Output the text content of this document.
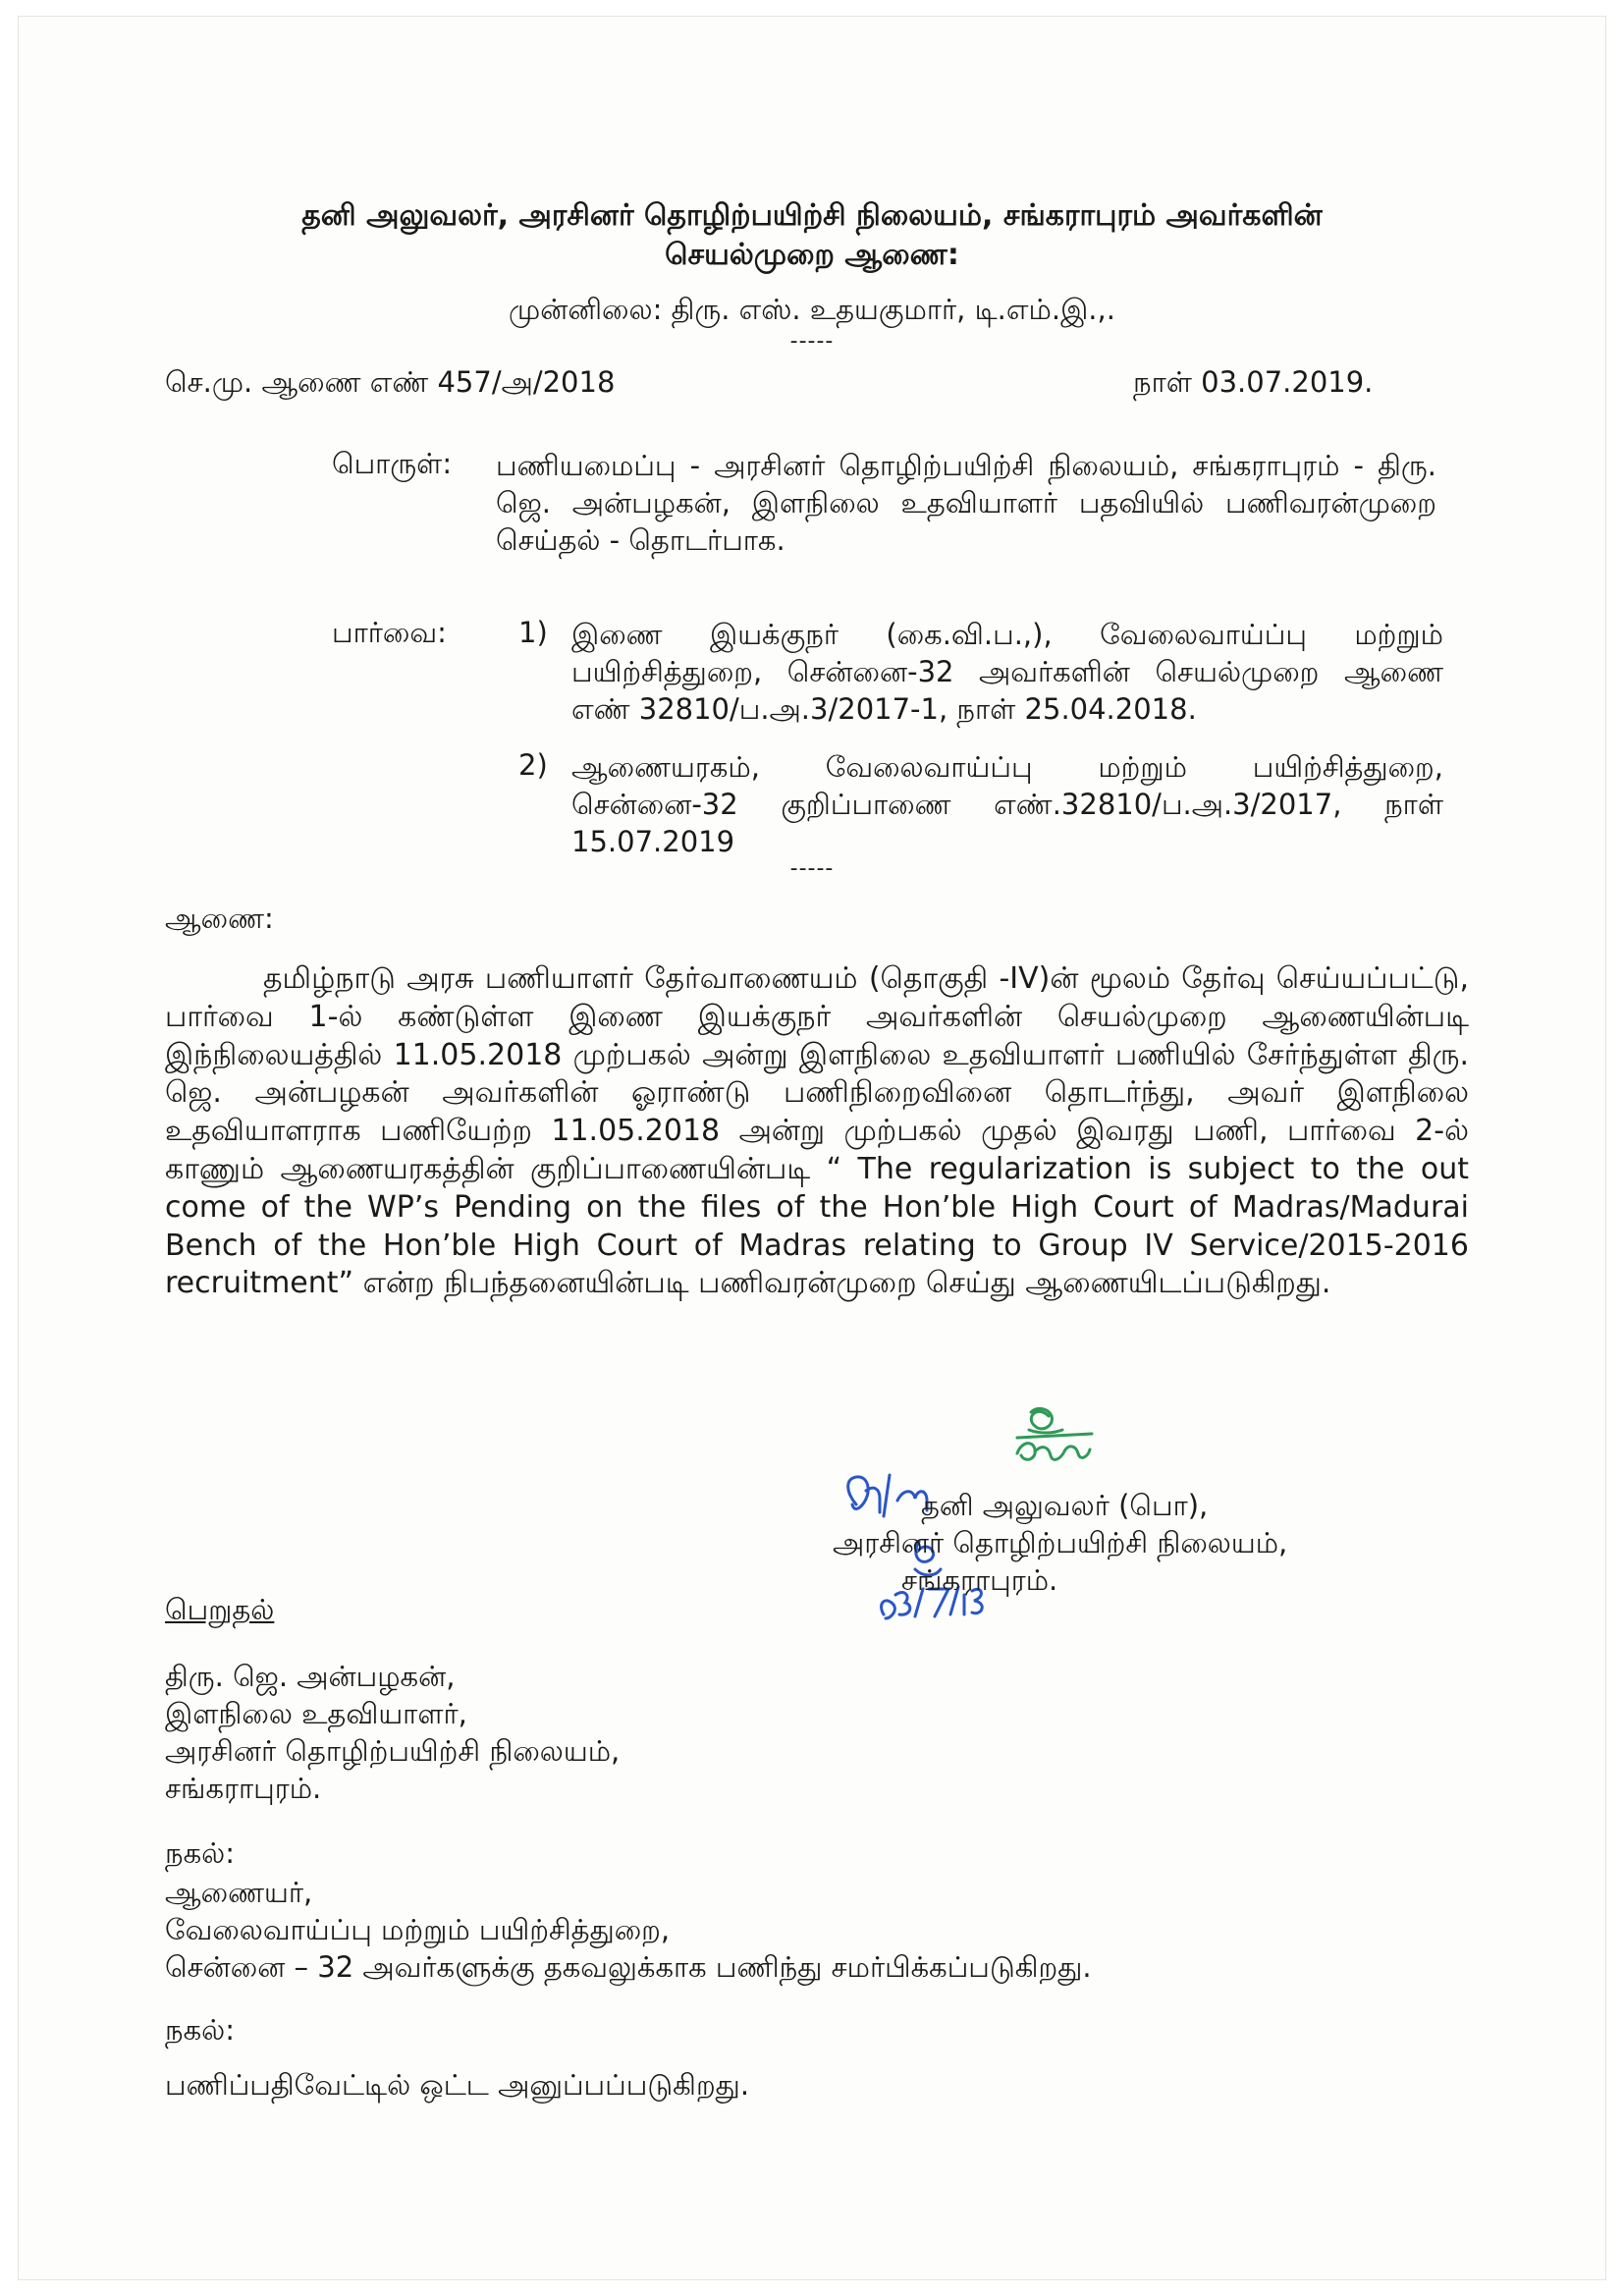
தனி அலுவலர், அரசினர் தொழிற்பயிற்சி நிலையம், சங்கராபுரம் அவர்களின்
செயல்முறை ஆணை:
முன்னிலை: திரு. எஸ். உதயகுமார், டி.எம்.இ.,.
-----
செ.மு. ஆணை எண் 457/அ/2018	நாள் 03.07.2019.
பொருள்: பணியமைப்பு - அரசினர் தொழிற்பயிற்சி நிலையம், சங்கராபுரம் - திரு. ஜெ. அன்பழகன், இளநிலை உதவியாளர் பதவியில் பணிவரன்முறை செய்தல் - தொடர்பாக.
பார்வை:	1) இணை இயக்குநர் (கை.வி.ப.,), வேலைவாய்ப்பு மற்றும் பயிற்சித்துறை, சென்னை-32 அவர்களின் செயல்முறை ஆணை எண் 32810/ப.அ.3/2017-1, நாள் 25.04.2018.
2) ஆணையரகம், வேலைவாய்ப்பு மற்றும் பயிற்சித்துறை, சென்னை-32 குறிப்பாணை எண்.32810/ப.அ.3/2017, நாள் 15.07.2019
-----
ஆணை:
தமிழ்நாடு அரசு பணியாளர் தேர்வாணையம் (தொகுதி -IV)ன் மூலம் தேர்வு செய்யப்பட்டு, பார்வை 1-ல் கண்டுள்ள இணை இயக்குநர் அவர்களின் செயல்முறை ஆணையின்படி இந்நிலையத்தில் 11.05.2018 முற்பகல் அன்று இளநிலை உதவியாளர் பணியில் சேர்ந்துள்ள திரு. ஜெ. அன்பழகன் அவர்களின் ஓராண்டு பணிநிறைவினை தொடர்ந்து, அவர் இளநிலை உதவியாளராக பணியேற்ற 11.05.2018 அன்று முற்பகல் முதல் இவரது பணி, பார்வை 2-ல் காணும் ஆணையரகத்தின் குறிப்பாணையின்படி “ The regularization is subject to the out come of the WP’s Pending on the files of the Hon’ble High Court of Madras/Madurai Bench of the Hon’ble High Court of Madras relating to Group IV Service/2015-2016 recruitment” என்ற நிபந்தனையின்படி பணிவரன்முறை செய்து ஆணையிடப்படுகிறது.
தனி அலுவலர் (பொ),
அரசினர் தொழிற்பயிற்சி நிலையம்,
சங்கராபுரம்.
பெறுதல்
திரு. ஜெ. அன்பழகன்,
இளநிலை உதவியாளர்,
அரசினர் தொழிற்பயிற்சி நிலையம்,
சங்கராபுரம்.
நகல்:
ஆணையர்,
வேலைவாய்ப்பு மற்றும் பயிற்சித்துறை,
சென்னை – 32 அவர்களுக்கு தகவலுக்காக பணிந்து சமர்பிக்கப்படுகிறது.
நகல்:
பணிப்பதிவேட்டில் ஒட்ட அனுப்பப்படுகிறது.
